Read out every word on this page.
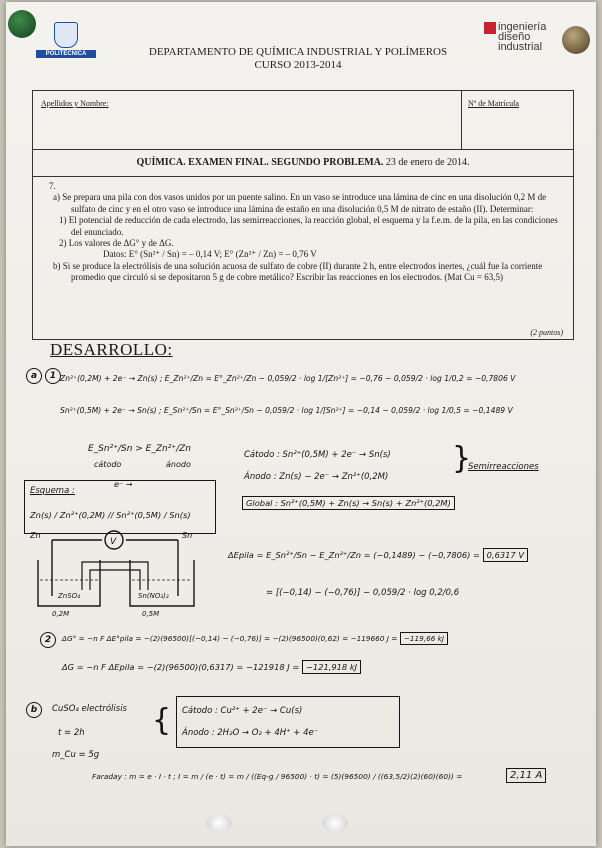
POLITÉCNICA
ingeniería
diseño
industrial
DEPARTAMENTO DE QUÍMICA INDUSTRIAL Y POLÍMEROS
CURSO 2013-2014
Apellidos y Nombre:	Nº de Matrícula
QUÍMICA. EXAMEN FINAL. SEGUNDO PROBLEMA. 23 de enero de 2014.

7.

a) Se prepara una pila con dos vasos unidos por un puente salino. En un vaso se introduce una lámina de cinc en una disolución 0,2 M de sulfato de cinc y en el otro vaso se introduce una lámina de estaño en una disolución 0,5 M de nitrato de estaño (II). Determinar:

1) El potencial de reducción de cada electrodo, las semirreacciones, la reacción global, el esquema y la f.e.m. de la pila, en las condiciones del enunciado.

2) Los valores de ΔG° y de ΔG.

Datos: E° (Sn²⁺ / Sn) = – 0,14 V; E° (Zn²⁺ / Zn) = – 0,76 V

b) Si se produce la electrólisis de una solución acuosa de sulfato de cobre (II) durante 2 h, entre electrodos inertes, ¿cuál fue la corriente promedio que circuló si se depositaron 5 g de cobre metálico? Escribir las reacciones en los electrodos. (Mat Cu = 63,5)

(2 puntos)
DESARROLLO:
a 1 Zn²⁺(0,2M) + 2e⁻ → Zn(s) ; E_Zn²⁺/Zn = E°_Zn²⁺/Zn − 0,059/2 · log 1/[Zn²⁺] = −0,76 − 0,059/2 · log 1/0,2 = −0,7806 V
Sn²⁺(0,5M) + 2e⁻ → Sn(s) ; E_Sn²⁺/Sn = E°_Sn²⁺/Sn − 0,059/2 · log 1/[Sn²⁺] = −0,14 − 0,059/2 · log 1/0,5 = −0,1489 V
E_Sn²⁺/Sn > E_Zn²⁺/Zn
cátodo	ánodo
Cátodo : Sn²⁺(0,5M) + 2e⁻ → Sn(s)
Ánodo : Zn(s) − 2e⁻ → Zn²⁺(0,2M)
}
Semirreacciones
Global : Sn²⁺(0,5M) + Zn(s) → Sn(s) + Zn²⁺(0,2M)
Esquema :
e⁻ →
Zn(s) / Zn²⁺(0,2M) // Sn²⁺(0,5M) / Sn(s)
V
Zn	Sn
ZnSO₄
0,2M
Sn(NO₃)₂
0,5M
ΔEpila = E_Sn²⁺/Sn − E_Zn²⁺/Zn = (−0,1489) − (−0,7806) = 0,6317 V
= [(−0,14) − (−0,76)] − 0,059/2 · log 0,2/0,6
2	ΔG° = −n F ΔE°pila = −(2)(96500)[(−0,14) − (−0,76)] = −(2)(96500)(0,62) = −119660 J = −119,66 kJ
ΔG = −n F ΔEpila = −(2)(96500)(0,6317) = −121918 J = −121,918 kJ
b	CuSO₄ electrólisis
t = 2h
m_Cu = 5g
{ Cátodo : Cu²⁺ + 2e⁻ → Cu(s)
Ánodo : 2H₂O → O₂ + 4H⁺ + 4e⁻
Faraday : m = e · I · t ; I = m / (e · t) = m / ((Eq‑g / 96500) · t) = (5)(96500) / ((63,5/2)(2)(60)(60)) =	2,11 A
